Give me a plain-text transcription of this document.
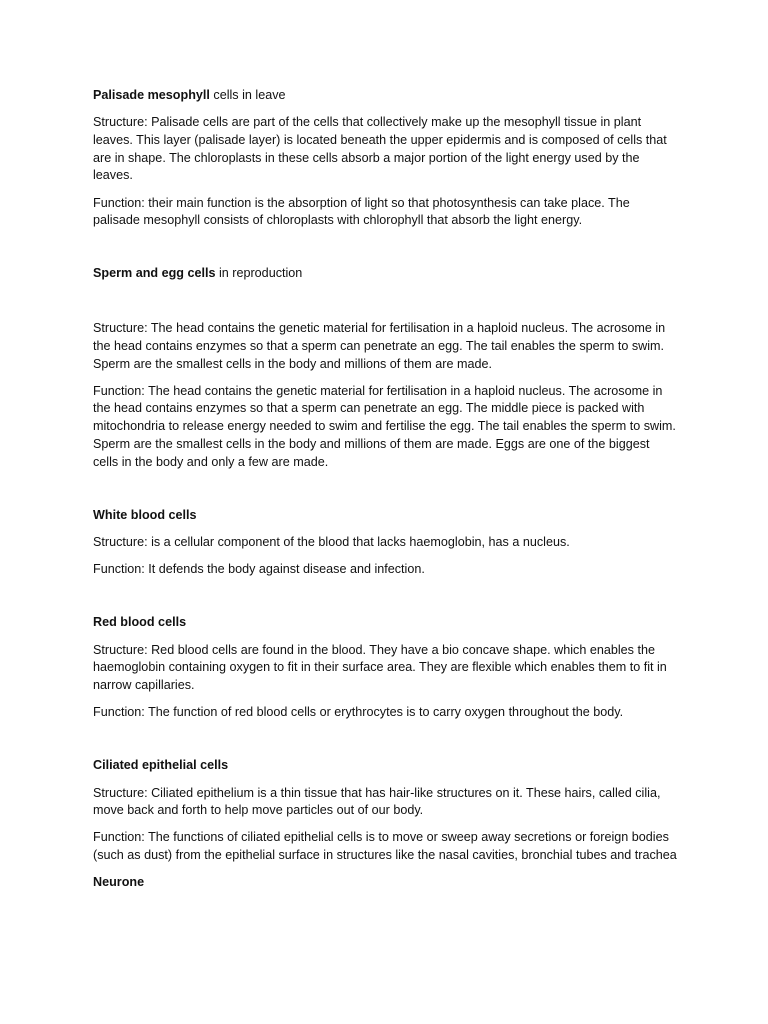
Palisade mesophyll cells in leave

Structure: Palisade cells are part of the cells that collectively make up the mesophyll tissue in plant leaves. This layer (palisade layer) is located beneath the upper epidermis and is composed of cells that are in shape. The chloroplasts in these cells absorb a major portion of the light energy used by the leaves.

Function: their main function is the absorption of light so that photosynthesis can take place. The palisade mesophyll consists of chloroplasts with chlorophyll that absorb the light energy.

Sperm and egg cells in reproduction

Structure: The head contains the genetic material for fertilisation in a haploid nucleus. The acrosome in the head contains enzymes so that a sperm can penetrate an egg. The tail enables the sperm to swim. Sperm are the smallest cells in the body and millions of them are made.

Function: The head contains the genetic material for fertilisation in a haploid nucleus. The acrosome in the head contains enzymes so that a sperm can penetrate an egg. The middle piece is packed with mitochondria to release energy needed to swim and fertilise the egg. The tail enables the sperm to swim. Sperm are the smallest cells in the body and millions of them are made. Eggs are one of the biggest cells in the body and only a few are made.

White blood cells

Structure: is a cellular component of the blood that lacks haemoglobin, has a nucleus.

Function: It defends the body against disease and infection.

Red blood cells

Structure: Red blood cells are found in the blood. They have a bio concave shape. which enables the haemoglobin containing oxygen to fit in their surface area. They are flexible which enables them to fit in narrow capillaries.

Function: The function of red blood cells or erythrocytes is to carry oxygen throughout the body.

Ciliated epithelial cells

Structure: Ciliated epithelium is a thin tissue that has hair-like structures on it. These hairs, called cilia, move back and forth to help move particles out of our body.

Function: The functions of ciliated epithelial cells is to move or sweep away secretions or foreign bodies (such as dust) from the epithelial surface in structures like the nasal cavities, bronchial tubes and trachea

Neurone
